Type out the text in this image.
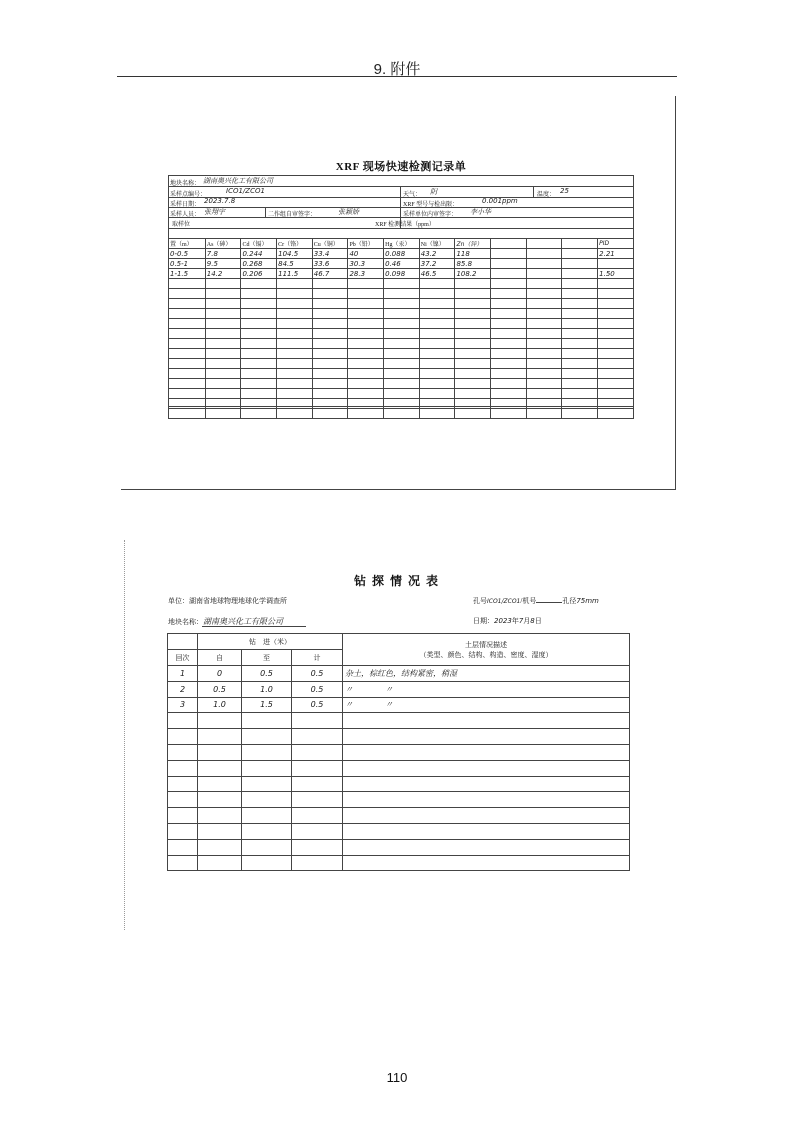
9. 附件
XRF 现场快速检测记录单
地块名称： 湖南奥兴化工有限公司
采样点编号：	ICO1/ZCO1	天气： 阴	温度： 25
采样日期： 2023.7.8	XRF 型号与检出限：	0.001ppm
采样人员： 张翔宇	二作组自审签字：	张颖娇	采样单位内审签字： 李小华
取样位	XRF 检测结果（ppm）
置（m）	As（砷）	Cd（镉）	Cr（铬）	Cu（铜）	Pb（铅）	Hg（汞）	Ni（镍）	Zn（锌）				PID
0-0.5	7.8	0.244	104.5	33.4	40	0.088	43.2	118				2.21
0.5-1	9.5	0.268	84.5	33.6	30.3	0.46	37.2	85.8				
1-1.5	14.2	0.206	111.5	46.7	28.3	0.098	46.5	108.2				1.50

钻探情况表
单位：湖南省地球物理地球化学调查所	孔号ICO1/ZCO1/机号	孔径75mm
地块名称：湖南奥兴化工有限公司	日期：2023年7月8日
	钻　进（米）			土层情况描述
（类型、颜色、结构、构造、密度、湿度）

回次	自	至	计	
1	0	0.5	0.5	杂土，棕红色，结构紧密，稍湿
2	0.5	1.0	0.5	〃　　　　〃
3	1.0	1.5	0.5	〃　　　　〃

110
